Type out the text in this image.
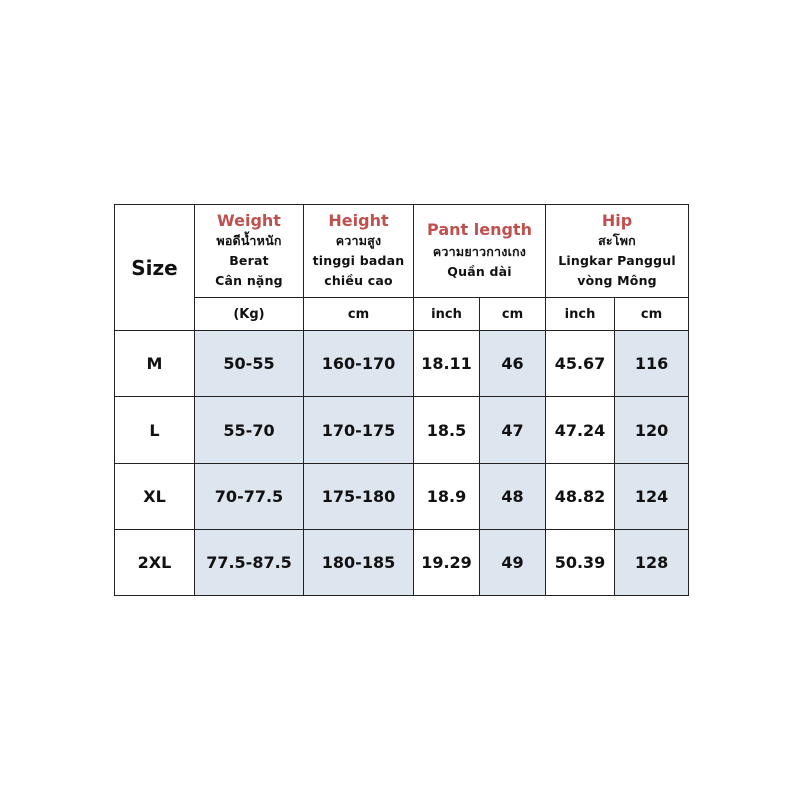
Size	Weight
พอดีน้ำหนัก
Berat
Cân nặng	Height
ความสูง
tinggi badan
chiều cao	Pant length
ความยาวกางเกง
Quần dài		Hip
สะโพก
Lingkar Panggul
vòng Mông	

	(Kg)	cm	inch	cm	inch	cm
M	50-55	160-170	18.11	46	45.67	116
L	55-70	170-175	18.5	47	47.24	120
XL	70-77.5	175-180	18.9	48	48.82	124
2XL	77.5-87.5	180-185	19.29	49	50.39	128
